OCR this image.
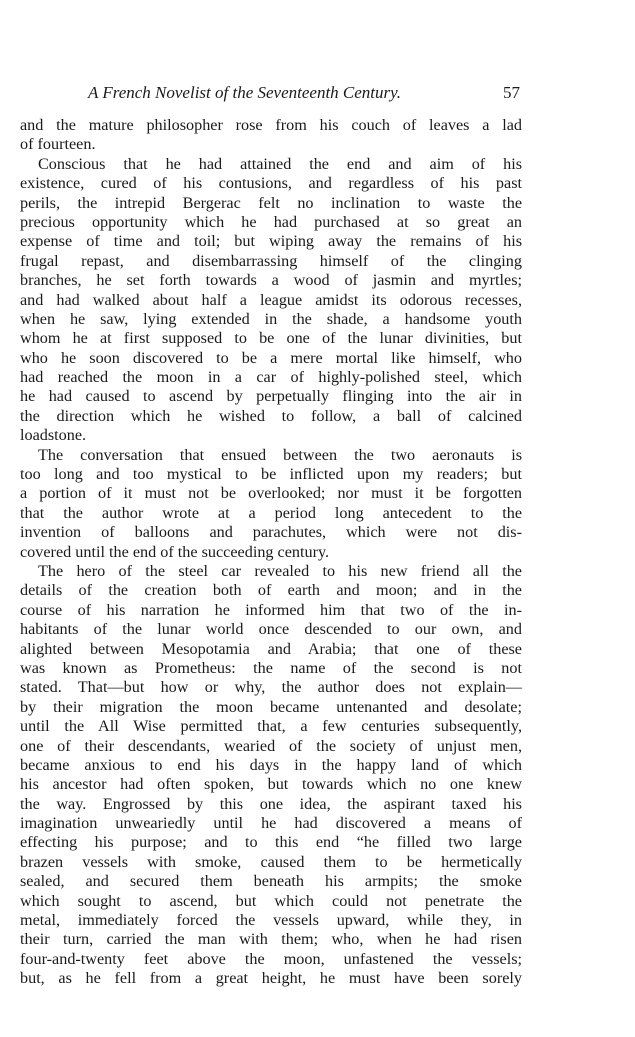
A French Novelist of the Seventeenth Century.	57
and the mature philosopher rose from his couch of leaves a lad
of fourteen.
Conscious that he had attained the end and aim of his
existence, cured of his contusions, and regardless of his past
perils, the intrepid Bergerac felt no inclination to waste the
precious opportunity which he had purchased at so great an
expense of time and toil; but wiping away the remains of his
frugal repast, and disembarrassing himself of the clinging
branches, he set forth towards a wood of jasmin and myrtles;
and had walked about half a league amidst its odorous recesses,
when he saw, lying extended in the shade, a handsome youth
whom he at first supposed to be one of the lunar divinities, but
who he soon discovered to be a mere mortal like himself, who
had reached the moon in a car of highly-polished steel, which
he had caused to ascend by perpetually flinging into the air in
the direction which he wished to follow, a ball of calcined
loadstone.
The conversation that ensued between the two aeronauts is
too long and too mystical to be inflicted upon my readers; but
a portion of it must not be overlooked; nor must it be forgotten
that the author wrote at a period long antecedent to the
invention of balloons and parachutes, which were not dis-
covered until the end of the succeeding century.
The hero of the steel car revealed to his new friend all the
details of the creation both of earth and moon; and in the
course of his narration he informed him that two of the in-
habitants of the lunar world once descended to our own, and
alighted between Mesopotamia and Arabia; that one of these
was known as Prometheus: the name of the second is not
stated. That—but how or why, the author does not explain—
by their migration the moon became untenanted and desolate;
until the All Wise permitted that, a few centuries subsequently,
one of their descendants, wearied of the society of unjust men,
became anxious to end his days in the happy land of which
his ancestor had often spoken, but towards which no one knew
the way. Engrossed by this one idea, the aspirant taxed his
imagination unweariedly until he had discovered a means of
effecting his purpose; and to this end “he filled two large
brazen vessels with smoke, caused them to be hermetically
sealed, and secured them beneath his armpits; the smoke
which sought to ascend, but which could not penetrate the
metal, immediately forced the vessels upward, while they, in
their turn, carried the man with them; who, when he had risen
four-and-twenty feet above the moon, unfastened the vessels;
but, as he fell from a great height, he must have been sorely
